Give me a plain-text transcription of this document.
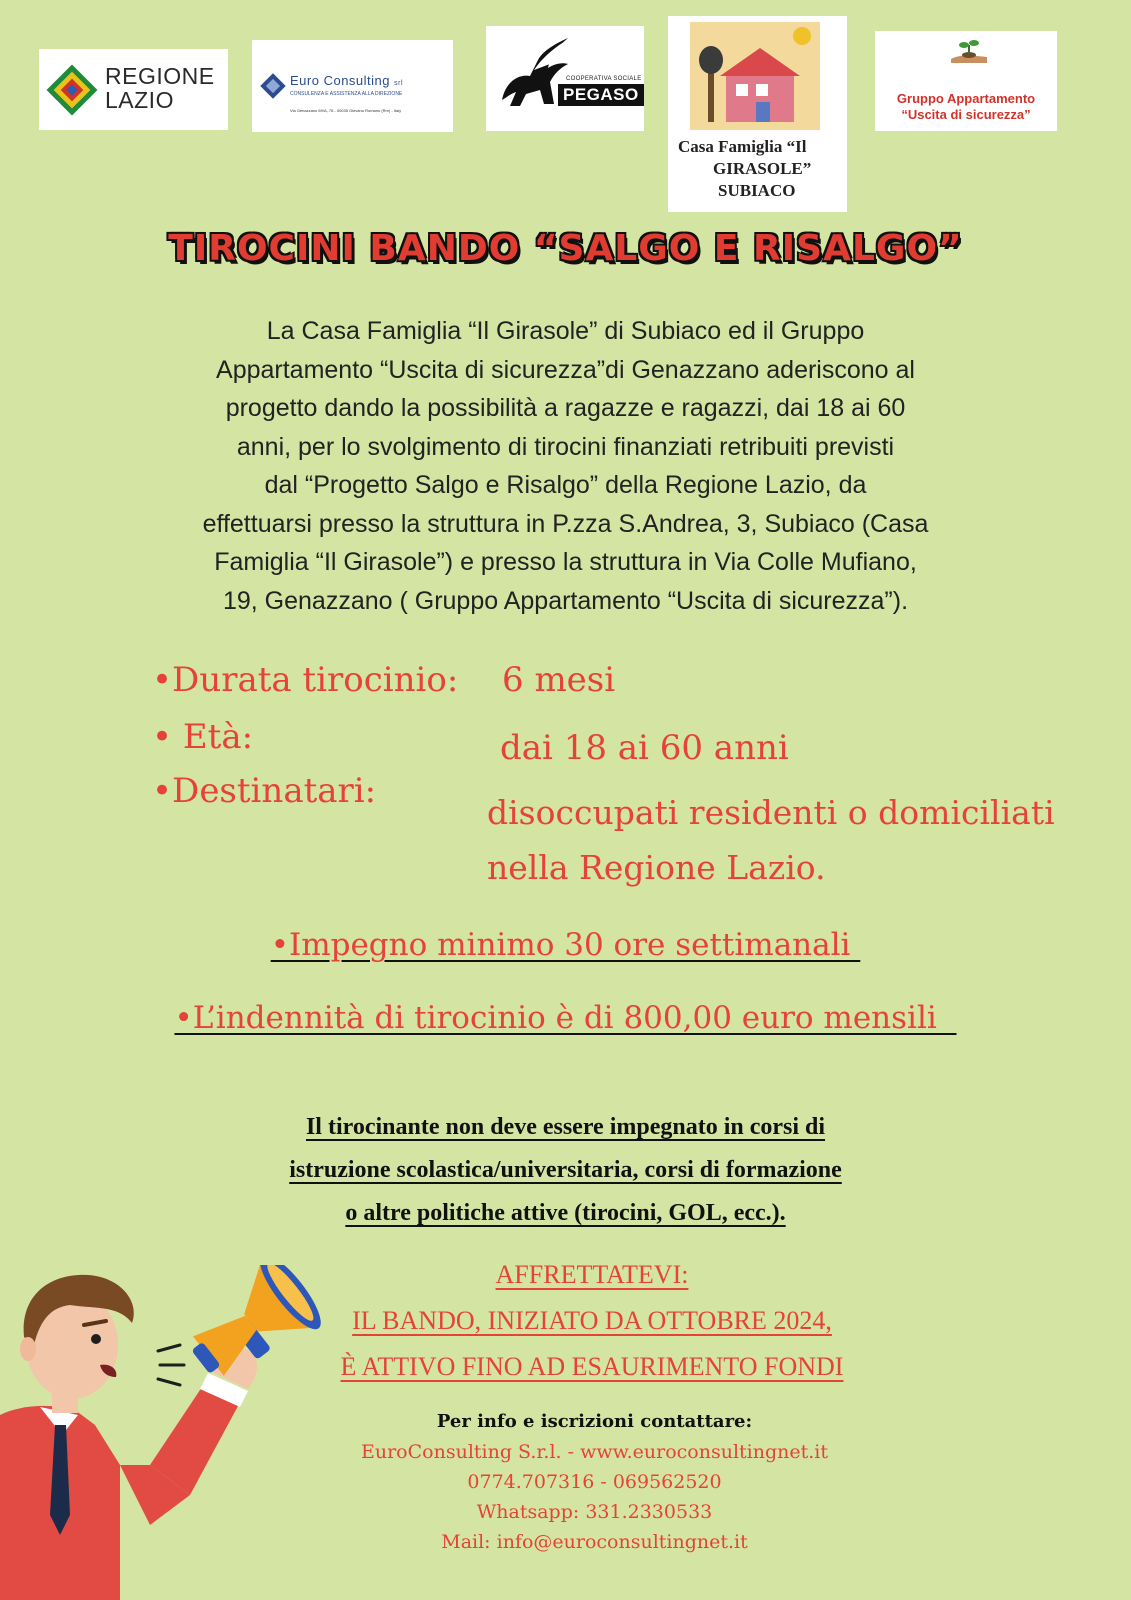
REGIONE
LAZIO
Euro Consulting srl
CONSULENZA E ASSISTENZA ALLA DIREZIONE
Via Genazzano 69/A, 76 - 00035 Olevano Romano (Rm) - Italy
COOPERATIVA SOCIALE
PEGASO
Casa Famiglia “Il
GIRASOLE”
SUBIACO
Gruppo Appartamento
“Uscita di sicurezza”
TIROCINI BANDO “SALGO E RISALGO”
La Casa Famiglia “Il Girasole” di Subiaco ed il Gruppo
Appartamento “Uscita di sicurezza”di Genazzano aderiscono al
progetto dando la possibilità a ragazze e ragazzi, dai 18 ai 60
anni, per lo svolgimento di tirocini finanziati retribuiti previsti
dal “Progetto Salgo e Risalgo” della Regione Lazio, da
effettuarsi presso la struttura in P.zza S.Andrea, 3, Subiaco (Casa
Famiglia “Il Girasole”) e presso la struttura in Via Colle Mufiano,
19, Genazzano ( Gruppo Appartamento “Uscita di sicurezza”).
•Durata tirocinio: 6 mesi
• Età:	dai 18 ai 60 anni
•Destinatari:
disoccupati residenti o domiciliati
nella Regione Lazio.
•Impegno minimo 30 ore settimanali
•L’indennità di tirocinio è di 800,00 euro mensili
Il tirocinante non deve essere impegnato in corsi di
istruzione scolastica/universitaria, corsi di formazione
o altre politiche attive (tirocini, GOL, ecc.).
AFFRETTATEVI:
IL BANDO, INIZIATO DA OTTOBRE 2024,
È ATTIVO FINO AD ESAURIMENTO FONDI
Per info e iscrizioni contattare:
EuroConsulting S.r.l. - www.euroconsultingnet.it
0774.707316 - 069562520
Whatsapp: 331.2330533
Mail: info@euroconsultingnet.it
